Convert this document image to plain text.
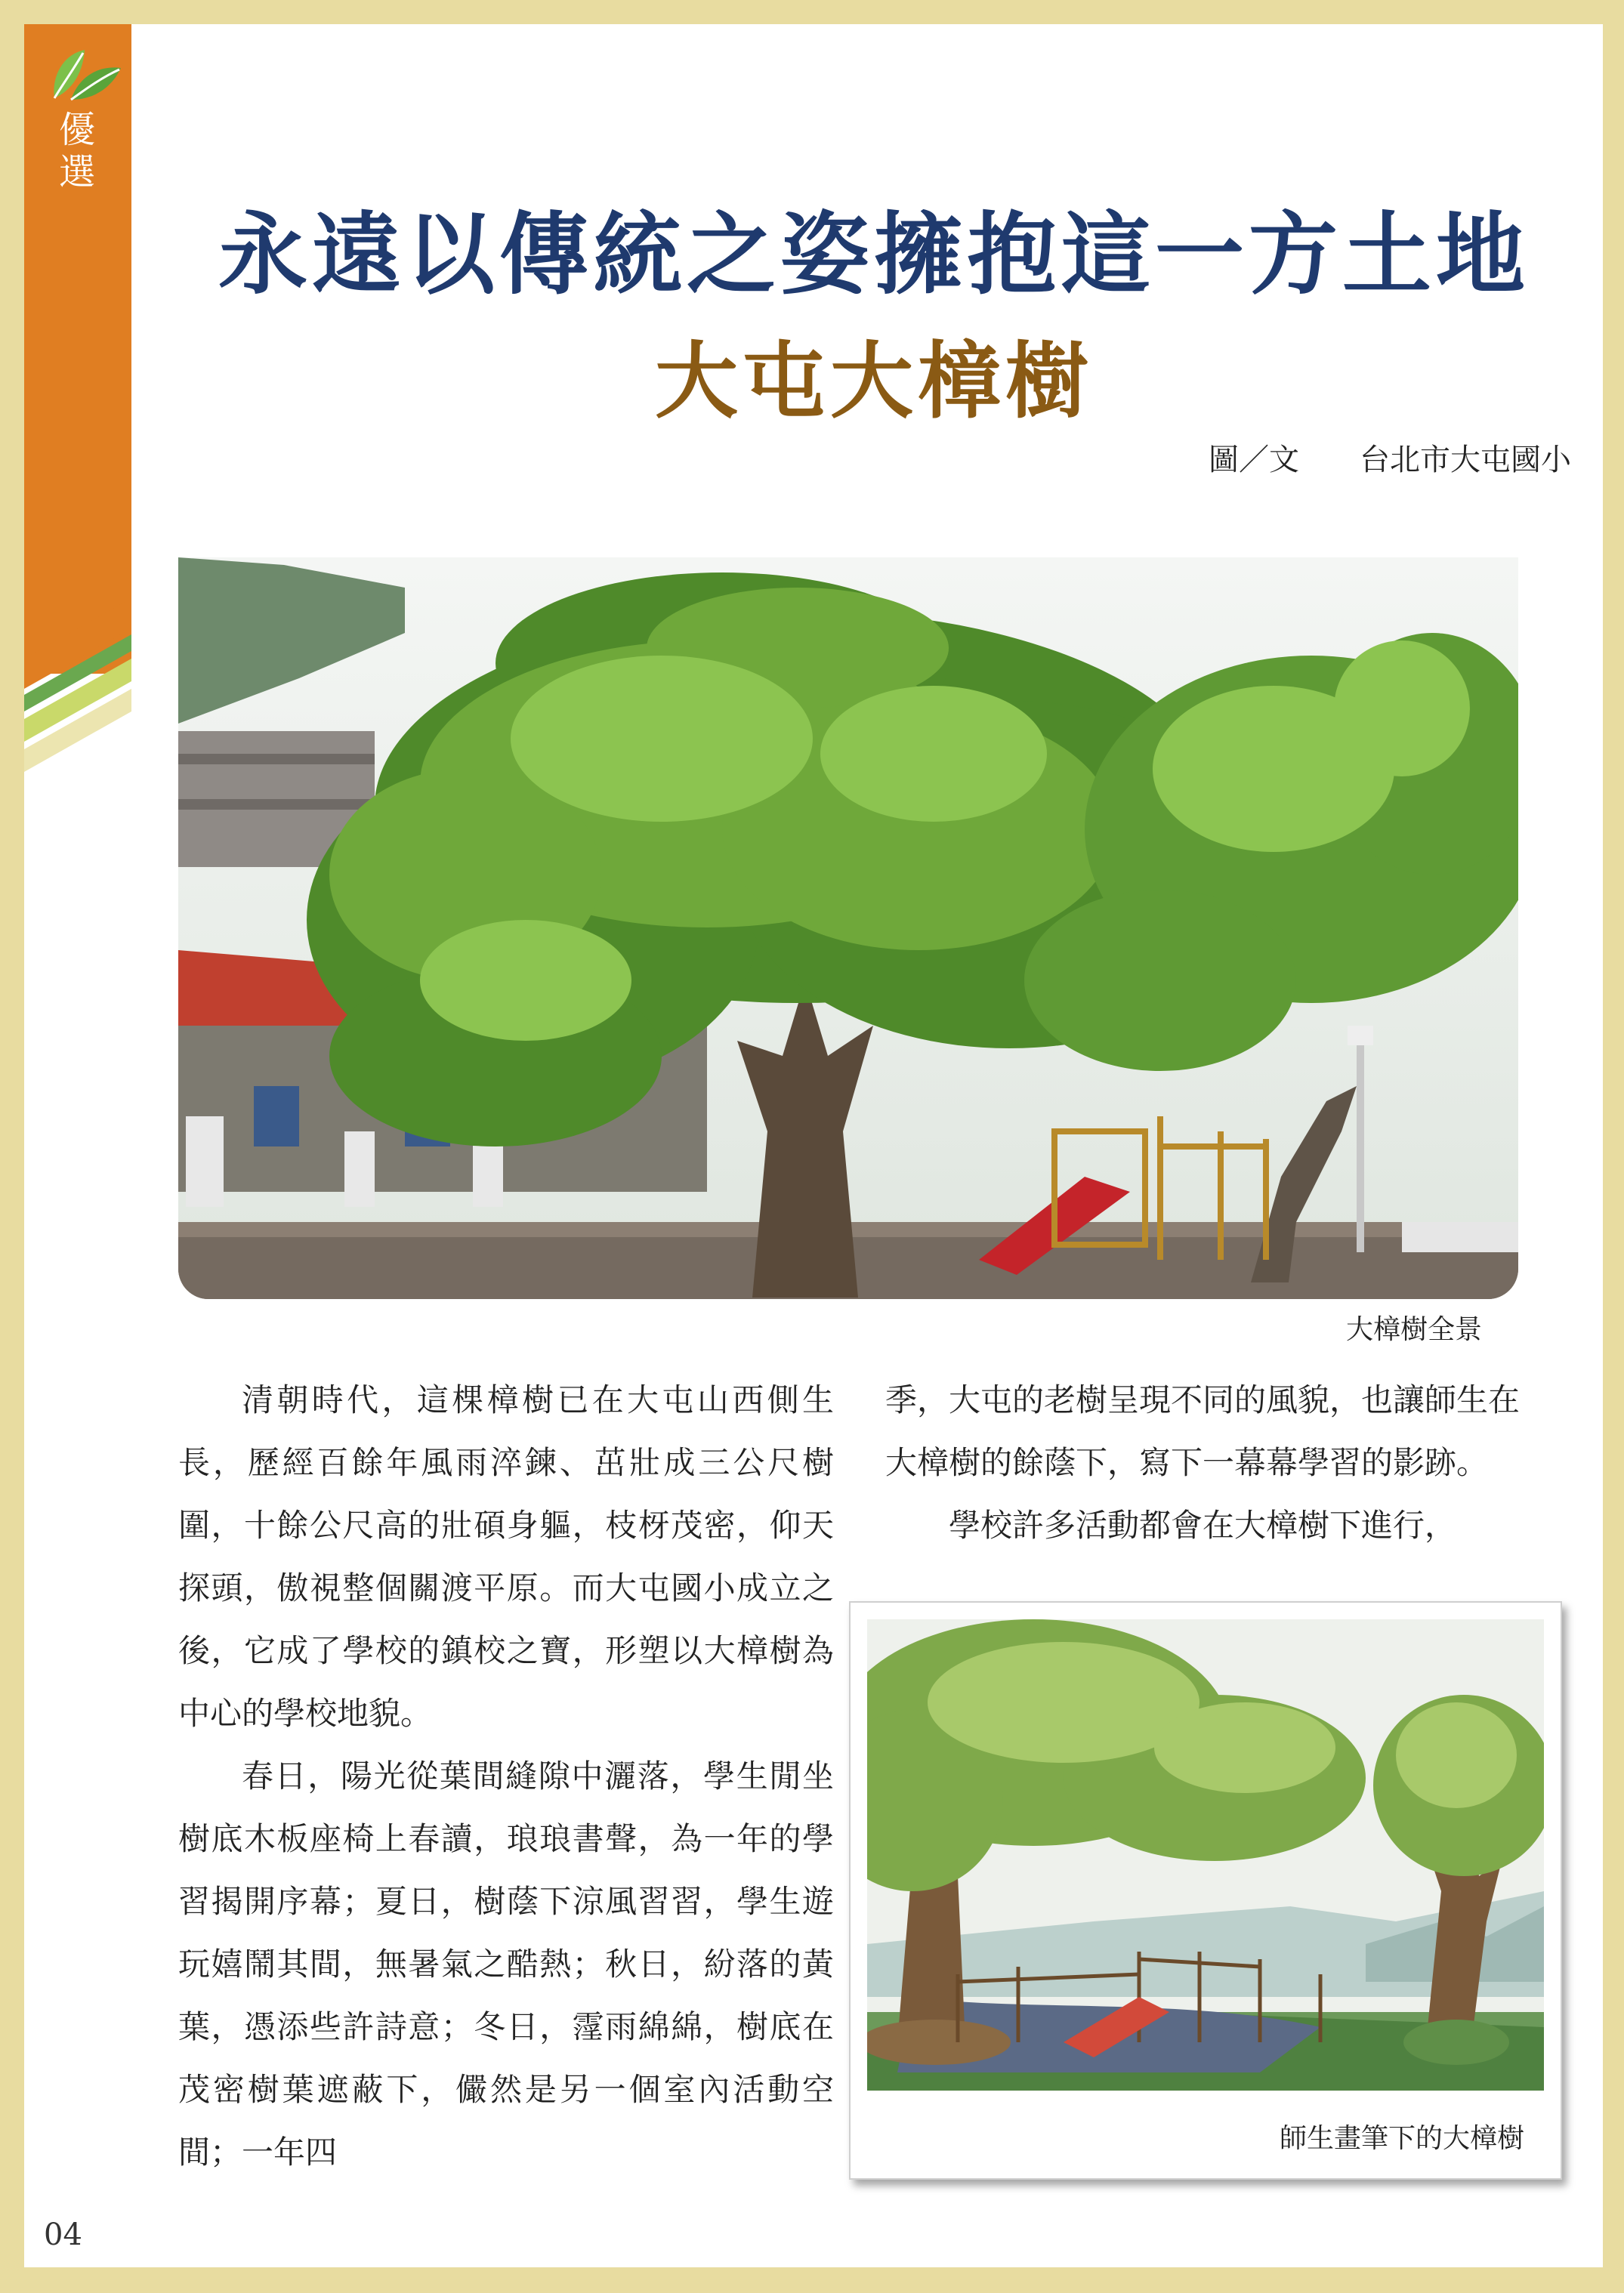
優選
永遠以傳統之姿擁抱這一方土地
大屯大樟樹
圖／文　　台北市大屯國小
大樟樹全景

清朝時代，這棵樟樹已在大屯山西側生長，歷經百餘年風雨淬鍊、茁壯成三公尺樹圍，十餘公尺高的壯碩身軀，枝枒茂密，仰天探頭，傲視整個關渡平原。而大屯國小成立之後，它成了學校的鎮校之寶，形塑以大樟樹為中心的學校地貌。

春日，陽光從葉間縫隙中灑落，學生閒坐樹底木板座椅上春讀，琅琅書聲，為一年的學習揭開序幕；夏日，樹蔭下涼風習習，學生遊玩嬉鬧其間，無暑氣之酷熱；秋日，紛落的黃葉，憑添些許詩意；冬日，霪雨綿綿，樹底在茂密樹葉遮蔽下，儼然是另一個室內活動空間；一年四

季，大屯的老樹呈現不同的風貌，也讓師生在大樟樹的餘蔭下，寫下一幕幕學習的影跡。

學校許多活動都會在大樟樹下進行，

師生畫筆下的大樟樹
04
